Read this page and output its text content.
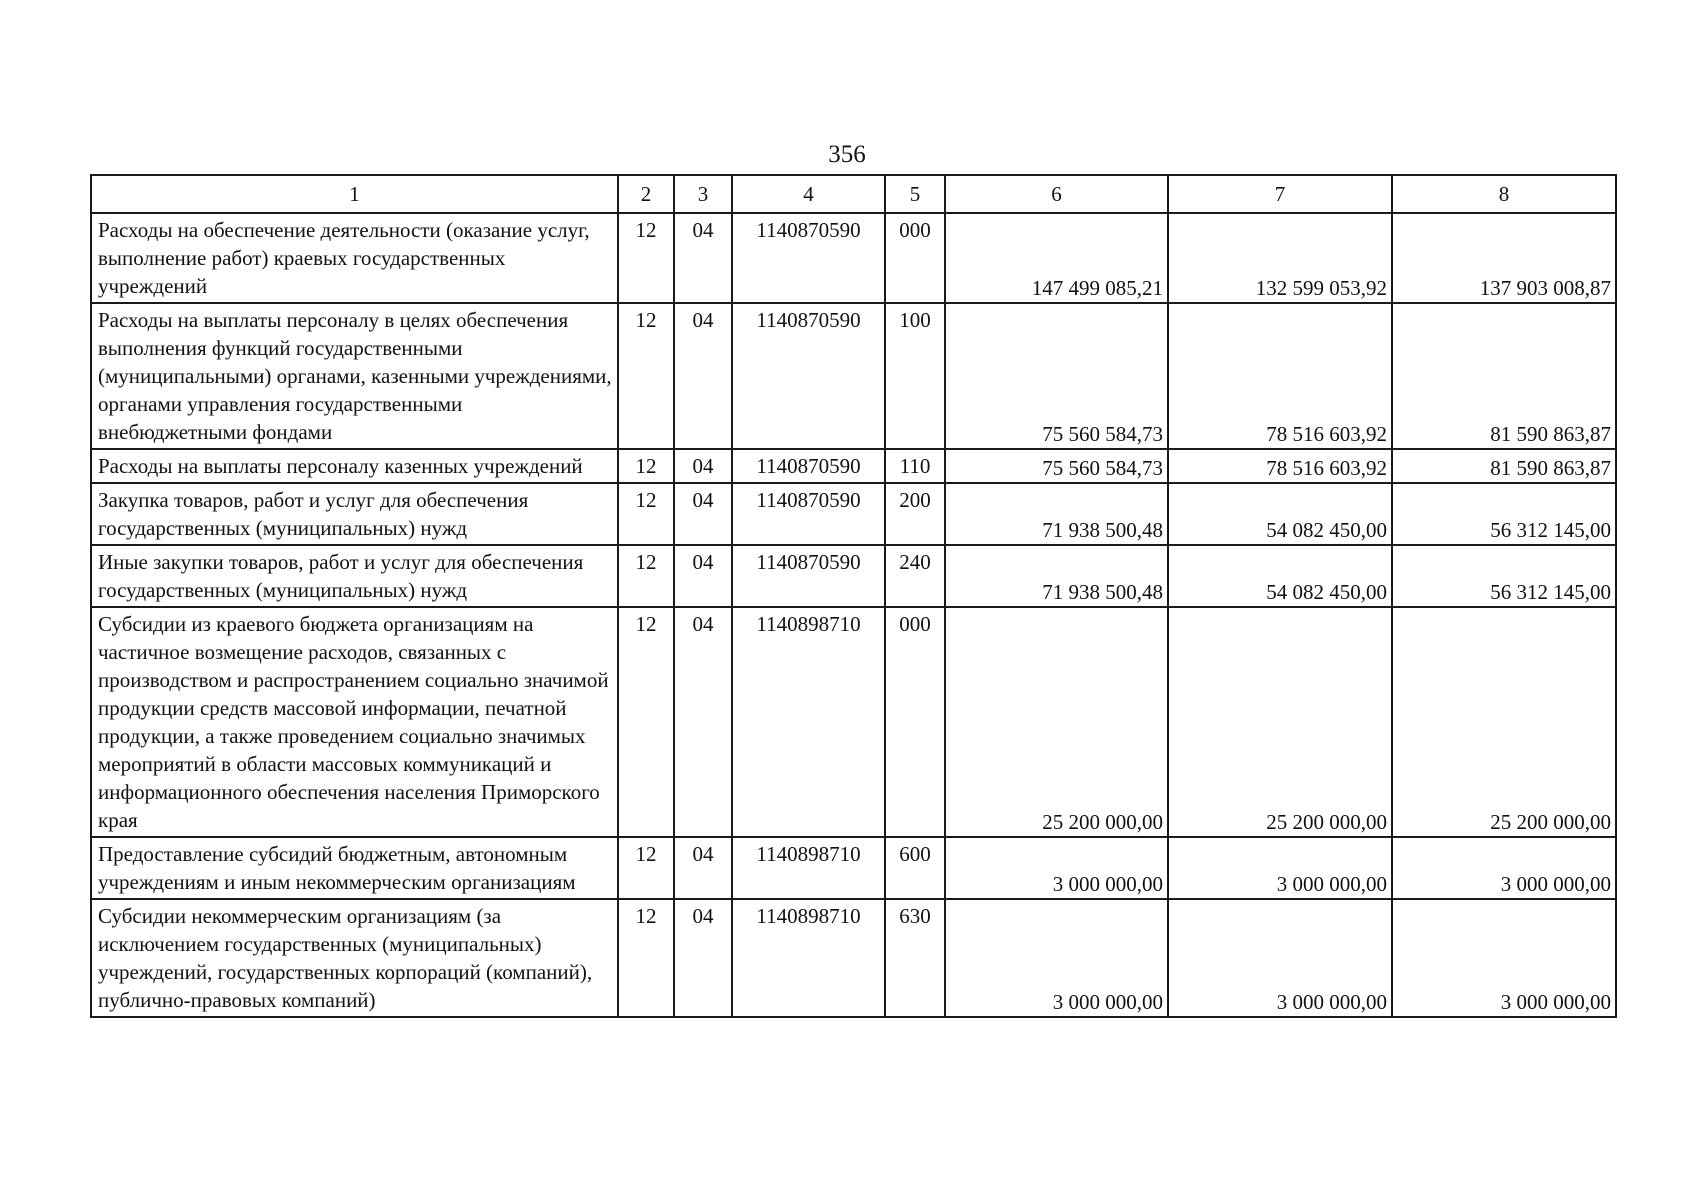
356
1	2	3	4	5	6	7	8
Расходы на обеспечение деятельности (оказание услуг, выполнение работ) краевых государственных учреждений	12	04	1140870590	000	147 499 085,21	132 599 053,92	137 903 008,87
Расходы на выплаты персоналу в целях обеспечения выполнения функций государственными (муниципальными) органами, казенными учреждениями, органами управления государственными внебюджетными фондами	12	04	1140870590	100	75 560 584,73	78 516 603,92	81 590 863,87
Расходы на выплаты персоналу казенных учреждений	12	04	1140870590	110	75 560 584,73	78 516 603,92	81 590 863,87
Закупка товаров, работ и услуг для обеспечения государственных (муниципальных) нужд	12	04	1140870590	200	71 938 500,48	54 082 450,00	56 312 145,00
Иные закупки товаров, работ и услуг для обеспечения государственных (муниципальных) нужд	12	04	1140870590	240	71 938 500,48	54 082 450,00	56 312 145,00
Субсидии из краевого бюджета организациям на частичное возмещение расходов, связанных с производством и распространением социально значимой продукции средств массовой информации, печатной продукции, а также проведением социально значимых мероприятий в области массовых коммуникаций и информационного обеспечения населения Приморского края	12	04	1140898710	000	25 200 000,00	25 200 000,00	25 200 000,00
Предоставление субсидий бюджетным, автономным учреждениям и иным некоммерческим организациям	12	04	1140898710	600	3 000 000,00	3 000 000,00	3 000 000,00
Субсидии некоммерческим организациям (за исключением государственных (муниципальных) учреждений, государственных корпораций (компаний), публично-правовых компаний)	12	04	1140898710	630	3 000 000,00	3 000 000,00	3 000 000,00
